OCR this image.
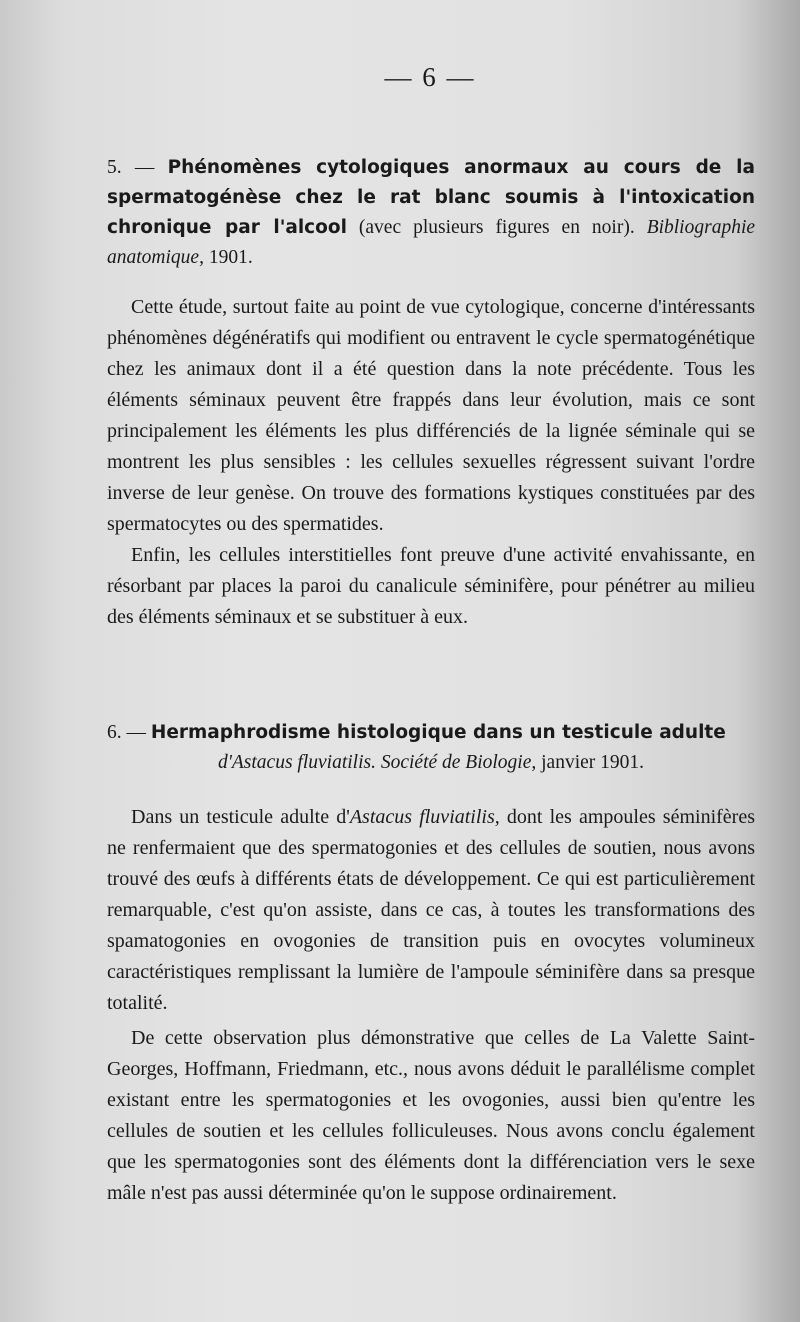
— 6 —
5. — Phénomènes cytologiques anormaux au cours de la spermatogénèse chez le rat blanc soumis à l'intoxication chronique par l'alcool (avec plusieurs figures en noir). Bibliographie anatomique, 1901.

Cette étude, surtout faite au point de vue cytologique, concerne d'intéressants phénomènes dégénératifs qui modifient ou entravent le cycle spermatogénétique chez les animaux dont il a été question dans la note précédente. Tous les éléments séminaux peuvent être frappés dans leur évolution, mais ce sont principalement les éléments les plus différenciés de la lignée séminale qui se montrent les plus sensibles : les cellules sexuelles régressent suivant l'ordre inverse de leur genèse. On trouve des formations kystiques constituées par des spermatocytes ou des spermatides.

Enfin, les cellules interstitielles font preuve d'une activité envahissante, en résorbant par places la paroi du canalicule séminifère, pour pénétrer au milieu des éléments séminaux et se substituer à eux.

6. — Hermaphrodisme histologique dans un testicule adulte
d'Astacus fluviatilis. Société de Biologie, janvier 1901.

Dans un testicule adulte d'Astacus fluviatilis, dont les ampoules séminifères ne renfermaient que des spermatogonies et des cellules de soutien, nous avons trouvé des œufs à différents états de développement. Ce qui est particulièrement remarquable, c'est qu'on assiste, dans ce cas, à toutes les transformations des spamatogonies en ovogonies de transition puis en ovocytes volumineux caractéristiques remplissant la lumière de l'ampoule séminifère dans sa presque totalité.

De cette observation plus démonstrative que celles de La Valette Saint-Georges, Hoffmann, Friedmann, etc., nous avons déduit le parallélisme complet existant entre les spermatogonies et les ovogonies, aussi bien qu'entre les cellules de soutien et les cellules folliculeuses. Nous avons conclu également que les spermatogonies sont des éléments dont la différenciation vers le sexe mâle n'est pas aussi déterminée qu'on le suppose ordinairement.
